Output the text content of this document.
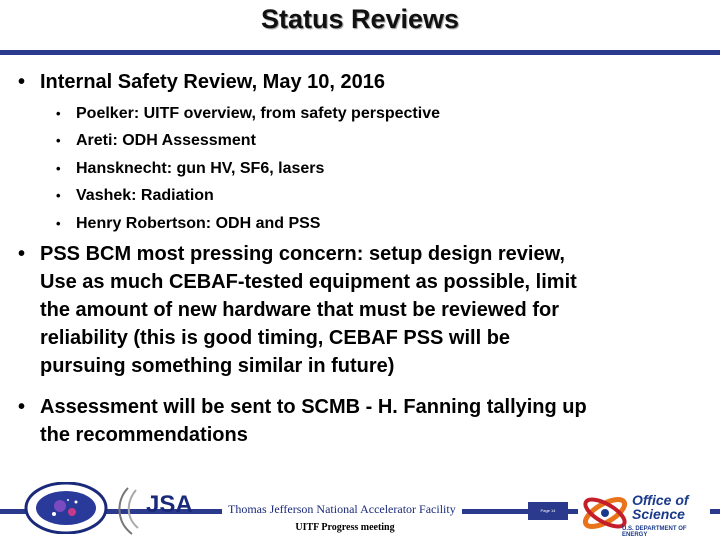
Status Reviews
• Internal Safety Review, May 10, 2016
• Poelker: UITF overview, from safety perspective
• Areti: ODH Assessment
• Hansknecht: gun HV, SF6, lasers
• Vashek: Radiation
• Henry Robertson: ODH and PSS
• PSS BCM most pressing concern: setup design review,
Use as much CEBAF-tested equipment as possible, limit
the amount of new hardware that must be reviewed for
reliability (this is good timing, CEBAF PSS will be
pursuing something similar in future)
• Assessment will be sent to SCMB - H. Fanning tallying up
the recommendations
Thomas Jefferson National Accelerator Facility
UITF Progress meeting
Page 14
JSA	Office of
Science
U.S. DEPARTMENT OF ENERGY
